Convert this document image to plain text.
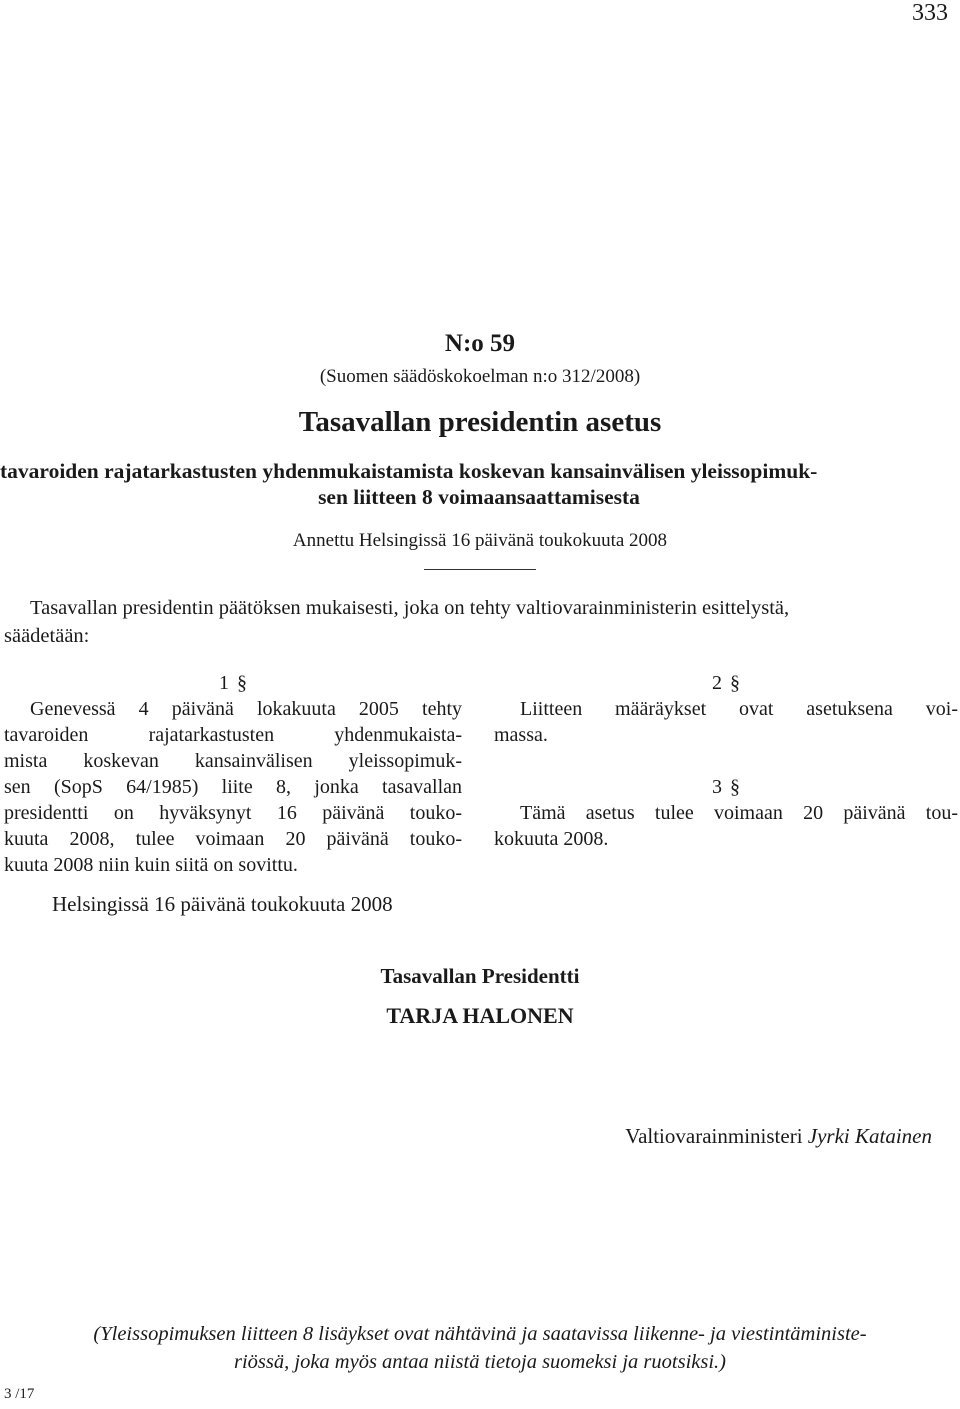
333
N:o 59
(Suomen säädöskokoelman n:o 312/2008)
Tasavallan presidentin asetus
tavaroiden rajatarkastusten yhdenmukaistamista koskevan kansainvälisen yleissopimuk-
sen liitteen 8 voimaansaattamisesta
Annettu Helsingissä 16 päivänä toukokuuta 2008
Tasavallan presidentin päätöksen mukaisesti, joka on tehty valtiovarainministerin esittelystä,
säädetään:
1 §
Genevessä 4 päivänä lokakuuta 2005 tehty
tavaroiden rajatarkastusten yhdenmukaista-
mista koskevan kansainvälisen yleissopimuk-
sen (SopS 64/1985) liite 8, jonka tasavallan
presidentti on hyväksynyt 16 päivänä touko-
kuuta 2008, tulee voimaan 20 päivänä touko-
kuuta 2008 niin kuin siitä on sovittu.
2 §
Liitteen määräykset ovat asetuksena voi-
massa.
3 §
Tämä asetus tulee voimaan 20 päivänä tou-
kokuuta 2008.
Helsingissä 16 päivänä toukokuuta 2008
Tasavallan Presidentti
TARJA HALONEN
Valtiovarainministeri Jyrki Katainen
(Yleissopimuksen liitteen 8 lisäykset ovat nähtävinä ja saatavissa liikenne- ja viestintäministe-
riössä, joka myös antaa niistä tietoja suomeksi ja ruotsiksi.)
3 /17
